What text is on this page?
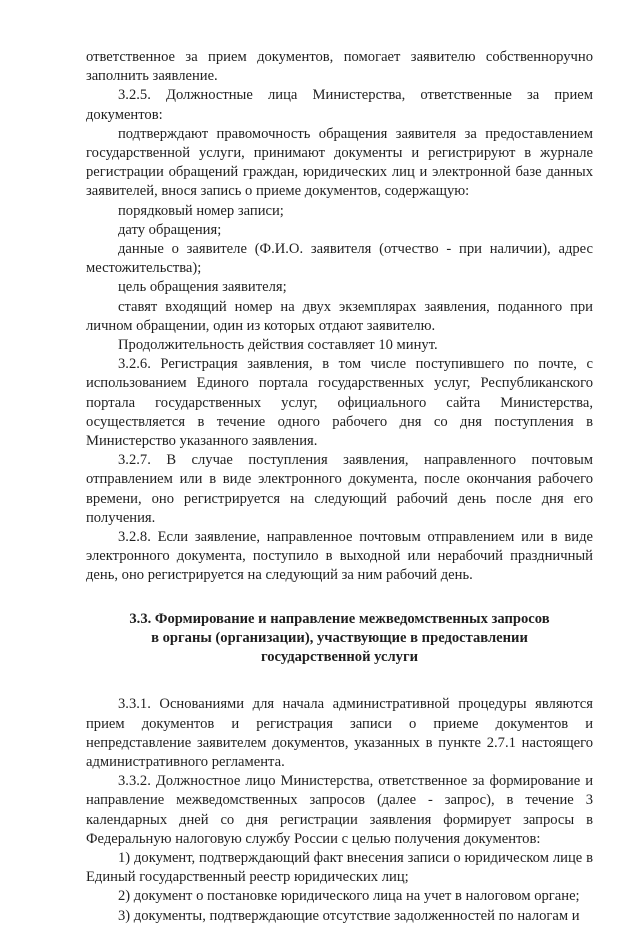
ответственное за прием документов, помогает заявителю собственноручно заполнить заявление.

3.2.5. Должностные лица Министерства, ответственные за прием документов:

подтверждают правомочность обращения заявителя за предоставлением государственной услуги, принимают документы и регистрируют в журнале регистрации обращений граждан, юридических лиц и электронной базе данных заявителей, внося запись о приеме документов, содержащую:

порядковый номер записи;

дату обращения;

данные о заявителе (Ф.И.О. заявителя (отчество - при наличии), адрес местожительства);

цель обращения заявителя;

ставят входящий номер на двух экземплярах заявления, поданного при личном обращении, один из которых отдают заявителю.

Продолжительность действия составляет 10 минут.

3.2.6. Регистрация заявления, в том числе поступившего по почте, с использованием Единого портала государственных услуг, Республиканского портала государственных услуг, официального сайта Министерства, осуществляется в течение одного рабочего дня со дня поступления в Министерство указанного заявления.

3.2.7. В случае поступления заявления, направленного почтовым отправлением или в виде электронного документа, после окончания рабочего времени, оно регистрируется на следующий рабочий день после дня его получения.

3.2.8. Если заявление, направленное почтовым отправлением или в виде электронного документа, поступило в выходной или нерабочий праздничный день, оно регистрируется на следующий за ним рабочий день.

3.3. Формирование и направление межведомственных запросов
в органы (организации), участвующие в предоставлении
государственной услуги

3.3.1. Основаниями для начала административной процедуры являются прием документов и регистрация записи о приеме документов и непредставление заявителем документов, указанных в пункте 2.7.1 настоящего административного регламента.

3.3.2. Должностное лицо Министерства, ответственное за формирование и направление межведомственных запросов (далее - запрос), в течение 3 календарных дней со дня регистрации заявления формирует запросы в Федеральную налоговую службу России с целью получения документов:

1) документ, подтверждающий факт внесения записи о юридическом лице в Единый государственный реестр юридических лиц;

2) документ о постановке юридического лица на учет в налоговом органе;

3) документы, подтверждающие отсутствие задолженностей по налогам и
